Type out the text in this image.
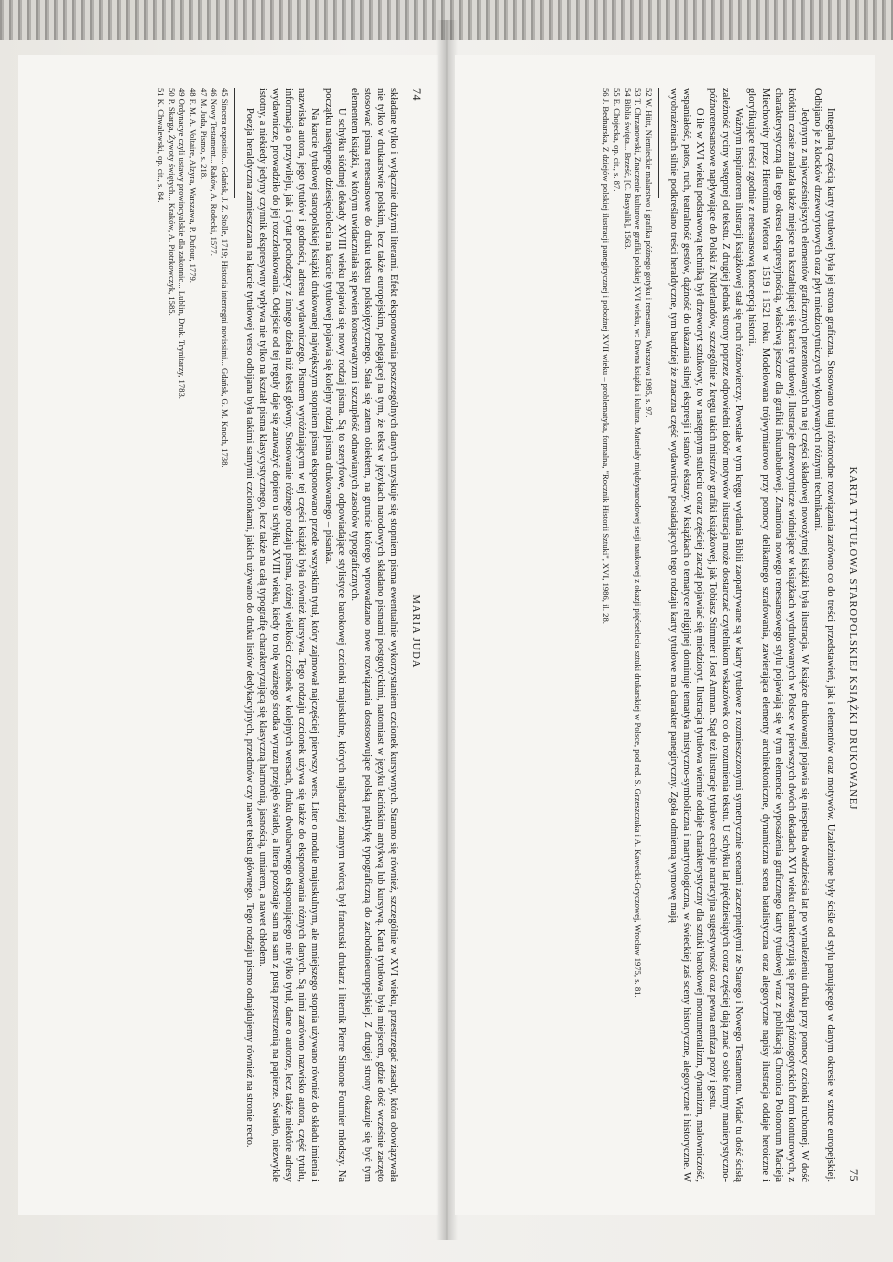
74
MARIA JUDA

składane tylko i wyłącznie dużymi literami. Efekt eksponowania poszczególnych danych uzyskuje się stopniem pisma ewentualnie wykorzystaniem czcionek kursywnych. Starano się również, szczególnie w XVI wieku, przestrzegać zasady, która obowiązywała nie tylko w drukarstwie polskim, lecz także europejskim, polegającej na tym, że tekst w językach narodowych składano pismami postgotyckimi, natomiast w języku łacińskim antykwą lub kursywą. Karta tytułowa była miejscem, gdzie dość wcześnie zaczęto stosować pisma renesansowe do druku tekstu polskojęzycznego. Stała się zatem obiektem, na gruncie którego wprowadzano nowe rozwiązania dostosowujące polską praktykę typograficzną do zachodnioeuropejskiej. Z drugiej strony okazuje się być tym elementem książki, w którym uwidaczniała się pewien konserwatyzm i szczupłość odnawianych zasobów typograficznych.

U schyłku siódmej dekady XVIII wieku pojawia się nowy rodzaj pisma. Są to szeryfowe, odpowiadające stylistyce barokowej czcionki majuskulne, których najbardziej znanym twórcą był francuski drukarz i literník Pierre Simone Fournier młodszy. Na początku następnego dziesięciolecia na karcie tytułowej pojawia się kolejny rodzaj pisma drukowanego – pisanka.

Na karcie tytułowej staropolskiej książki drukowanej największym stopniem pisma eksponowano przede wszystkim tytuł, który zajmował najczęściej pierwszy wers. Liter o module majuskulnym, ale mniejszego stopnia używano również do składu imienia i nazwiska autora, jego tytułów i godności, adresu wydawniczego. Pismem wyróżniającym w tej części książki była również kursywa. Tego rodzaju czcionek używa się także do eksponowania różnych danych. Są nimi zarówno nazwisko autora, część tytułu, informacja o przywileju, jak i cytat pochodzący z innego dzieła niż tekst główny. Stosowanie różnego rodzaju pisma, różnej wielkości czcionek w kolejnych wersach, druku dwubarwnego eksponującego nie tylko tytuł, dane o autorze, lecz także niektóre adresy wydawnicze, prowadziło do jej rozczłonkowania. Odejście od tej reguły daje się zauważyć dopiero u schyłku XVIII wieku, kiedy to rolę ważnego środka wyrazu przejęło światło, a litera pozostaje sam na sam z pustą przestrzenią na papierze. Światło, niezwykle istotny, a niekiedy jedyny czynnik ekspresywny wpływa nie tylko na kształt pisma klasycystycznego, lecz także na całą typografię charakteryzującą się klasyczną harmonią, jasnością, umiarem, a nawet chłodem.

Poezja heraldyczna zamieszczana na karcie tytułowej verso odbijana była takimi samymi czcionkami, jakich używano do druku listów dedykacyjnych, przedmów czy nawet tekstu głównego. Tego rodzaju pismo odnajdujemy również na stronie recto.

45 Sincera expositio... Gdańsk, J. Z. Stolle, 1719; Historia interregni novissimi... Gdańsk, G. M. Knoch, 1738.

46 Nowy Testament... Raków, A. Rodecki, 1577.

47 M. Juda, Pismo, s. 218.

48 F. M. A. Voltaire, Alzyra, Warszawa, P. Dufour, 1779.

49 Ordynacye czyli ustawy prowincyalskie dla zakonnic... Lublin, Druk. Trynitarzy, 1783.

50 P. Skarga, Żywoty świętych... Kraków, A. Piotrkowczyk, 1585.

51 K. Chwalewski, op. cit., s. 84.

KARTA TYTUŁOWA STAROPOLSKIEJ KSIĄŻKI DRUKOWANEJ
75

Integralną częścią karty tytułowej była jej strona graficzna. Stosowano tutaj różnorodne rozwiązania zarówno co do treści przedstawień, jak i elementów oraz motywów. Uzależnione były ściśle od stylu panującego w danym okresie w sztuce europejskiej. Odbijano je z klocków drzeworytowych oraz płyt miedziorytniczych wykonywanych różnymi technikami.

Jedynym z najwcześniejszych elementów graficznych prezentowanych na tej części składowej nowożytnej książki była ilustracja. W książce drukowanej pojawia się niespełna dwadzieścia lat po wynalezieniu druku przy pomocy czcionki ruchomej. W dość krótkim czasie znalazła także miejsce na kształtującej się karcie tytułowej. Ilustracje drzeworytnicze widniejące w książkach wydrukowanych w Polsce w pierwszych dwóch dekadach XVI wieku charakteryzują się przewagą późnogotyckich form konturowych, z charakterystyczną dla tego okresu ekspresyjnością, właściwą jeszcze dla grafiki inkunabułowej. Znamiona nowego renesansowego stylu pojawiają się w tym elemencie wyposażenia graficznego karty tytułowej wraz z publikacją Chronica Polonorum Macieja Miechowity przez Hieronima Wietora w 1519 i 1521 roku. Modelowana trójwymiarowo przy pomocy delikatnego szrafowania, zawierająca elementy architektoniczne, dynamiczna scena batalistyczna oraz alegoryczne napisy ilustracja oddaje heroiczne i gloryfikujące treści zgodnie z renesansową koncepcją historii.

Ważnym inspiratorem ilustracji książkowej stał się ruch różnowierczy. Powstałe w tym kręgu wydania Biblii zaopatrywane są w karty tytułowe z rozmieszczonymi symetrycznie scenami zaczerpniętymi ze Starego i Nowego Testamentu. Widać tu dość ścisłą zależność ryciny wstępnej od tekstu. Z drugiej jednak strony poprzez odpowiedni dobór motywów ilustracja może dostarczać czytelnikom wskazówek co do rozumienia tekstu. U schyłku lat pięćdziesiątych coraz częściej dają znać o sobie formy manierystyczno-późnorenesansowe napływające do Polski z Niderlandów, szczególnie z kręgu takich mistrzów grafiki książkowej, jak Tobiasz Stimmer i Jost Amman. Stąd też ilustracje tytułowe cechuje narracyjna sugestywność oraz pewna emfaza pozy i gestu.

O ile w XVI wieku podstawową techniką był drzeworyt sztukowy, to w następnym stuleciu coraz częściej zaczął pojawiać się miedzioryt. Ilustracja tytułowa wiernie oddaje charakterystyczny dla sztuki barokowej monumentalizm, dynamizm, malowniczość, wspaniałość, patos, ruch, teatralność gestów, dążność do ukazania silnej ekspresji i stanów ekstazy. W książkach o tematyce religijnej dominuje tematyka mistyczno-symboliczna i martyrologiczna, w świeckiej zaś sceny historyczne, alegoryczne i historyczne. W wyobrażeniach silnie podkreślano treści heraldyczne, tym bardziej że znaczna część wydawnictw posiadających tego rodzaju karty tytułowe ma charakter panegiryczny. Zgoła odmienną wymowę mają

52 W. Hütt, Niemieckie malarstwo i grafika późnego gotyku i renesansu, Warszawa 1985, s. 97.

53 T. Chrzanowski, Znaczenie kulturowe grafiki polskiej XVI wieku, w: Dawna książka i kultura. Materiały międzynarodowej sesji naukowej z okazji pięćsetlecia sztuki drukarskiej w Polsce, pod red. S. Grzeszczuka i A. Kawecki-Gryczowej, Wrocław 1975, s. 81.

54 Biblia święta... Brześć, [C. Basyalik], 1563.

55 E. Chojecka, op. cit., s. 87.

56 J. Bednarska, Z dziejów polskiej ilustracji panegirycznej i pobożnej XVII wieku – problematyka, formalna, "Rocznik Historii Sztuki", XVI, 1986, il. 28.
